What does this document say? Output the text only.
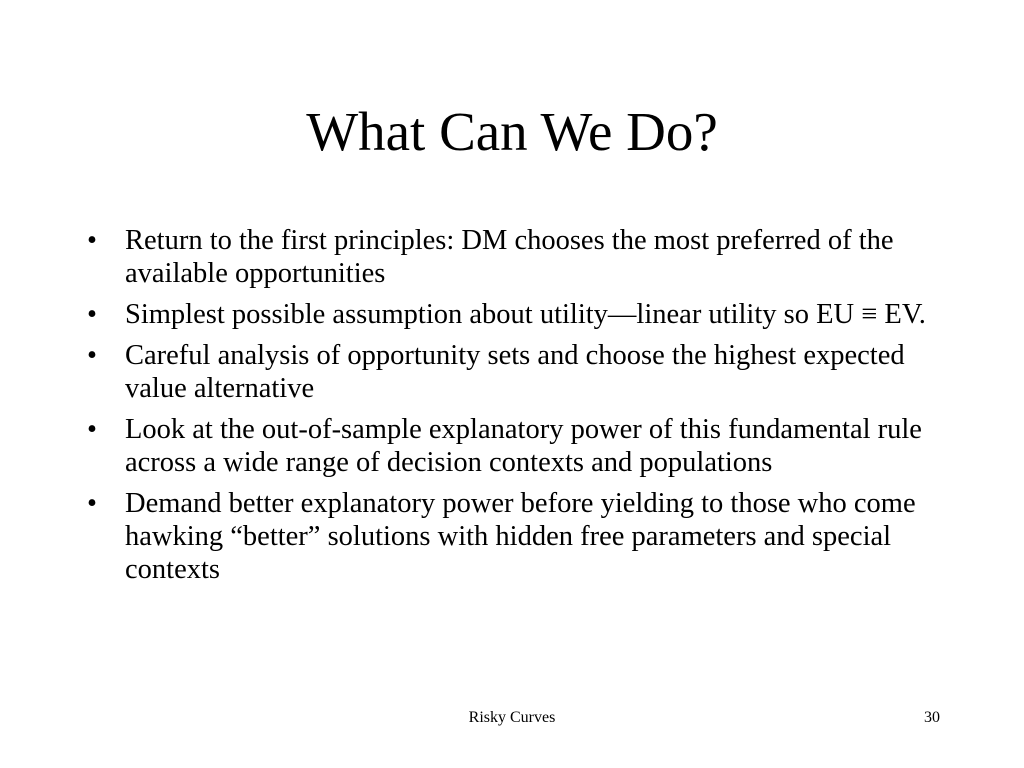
What Can We Do?
• Return to the first principles: DM chooses the most preferred of the available opportunities
• Simplest possible assumption about utility—linear utility so EU ≡ EV.
• Careful analysis of opportunity sets and choose the highest expected value alternative
• Look at the out-of-sample explanatory power of this fundamental rule across a wide range of decision contexts and populations
• Demand better explanatory power before yielding to those who come hawking “better” solutions with hidden free parameters and special contexts
Risky Curves	30
